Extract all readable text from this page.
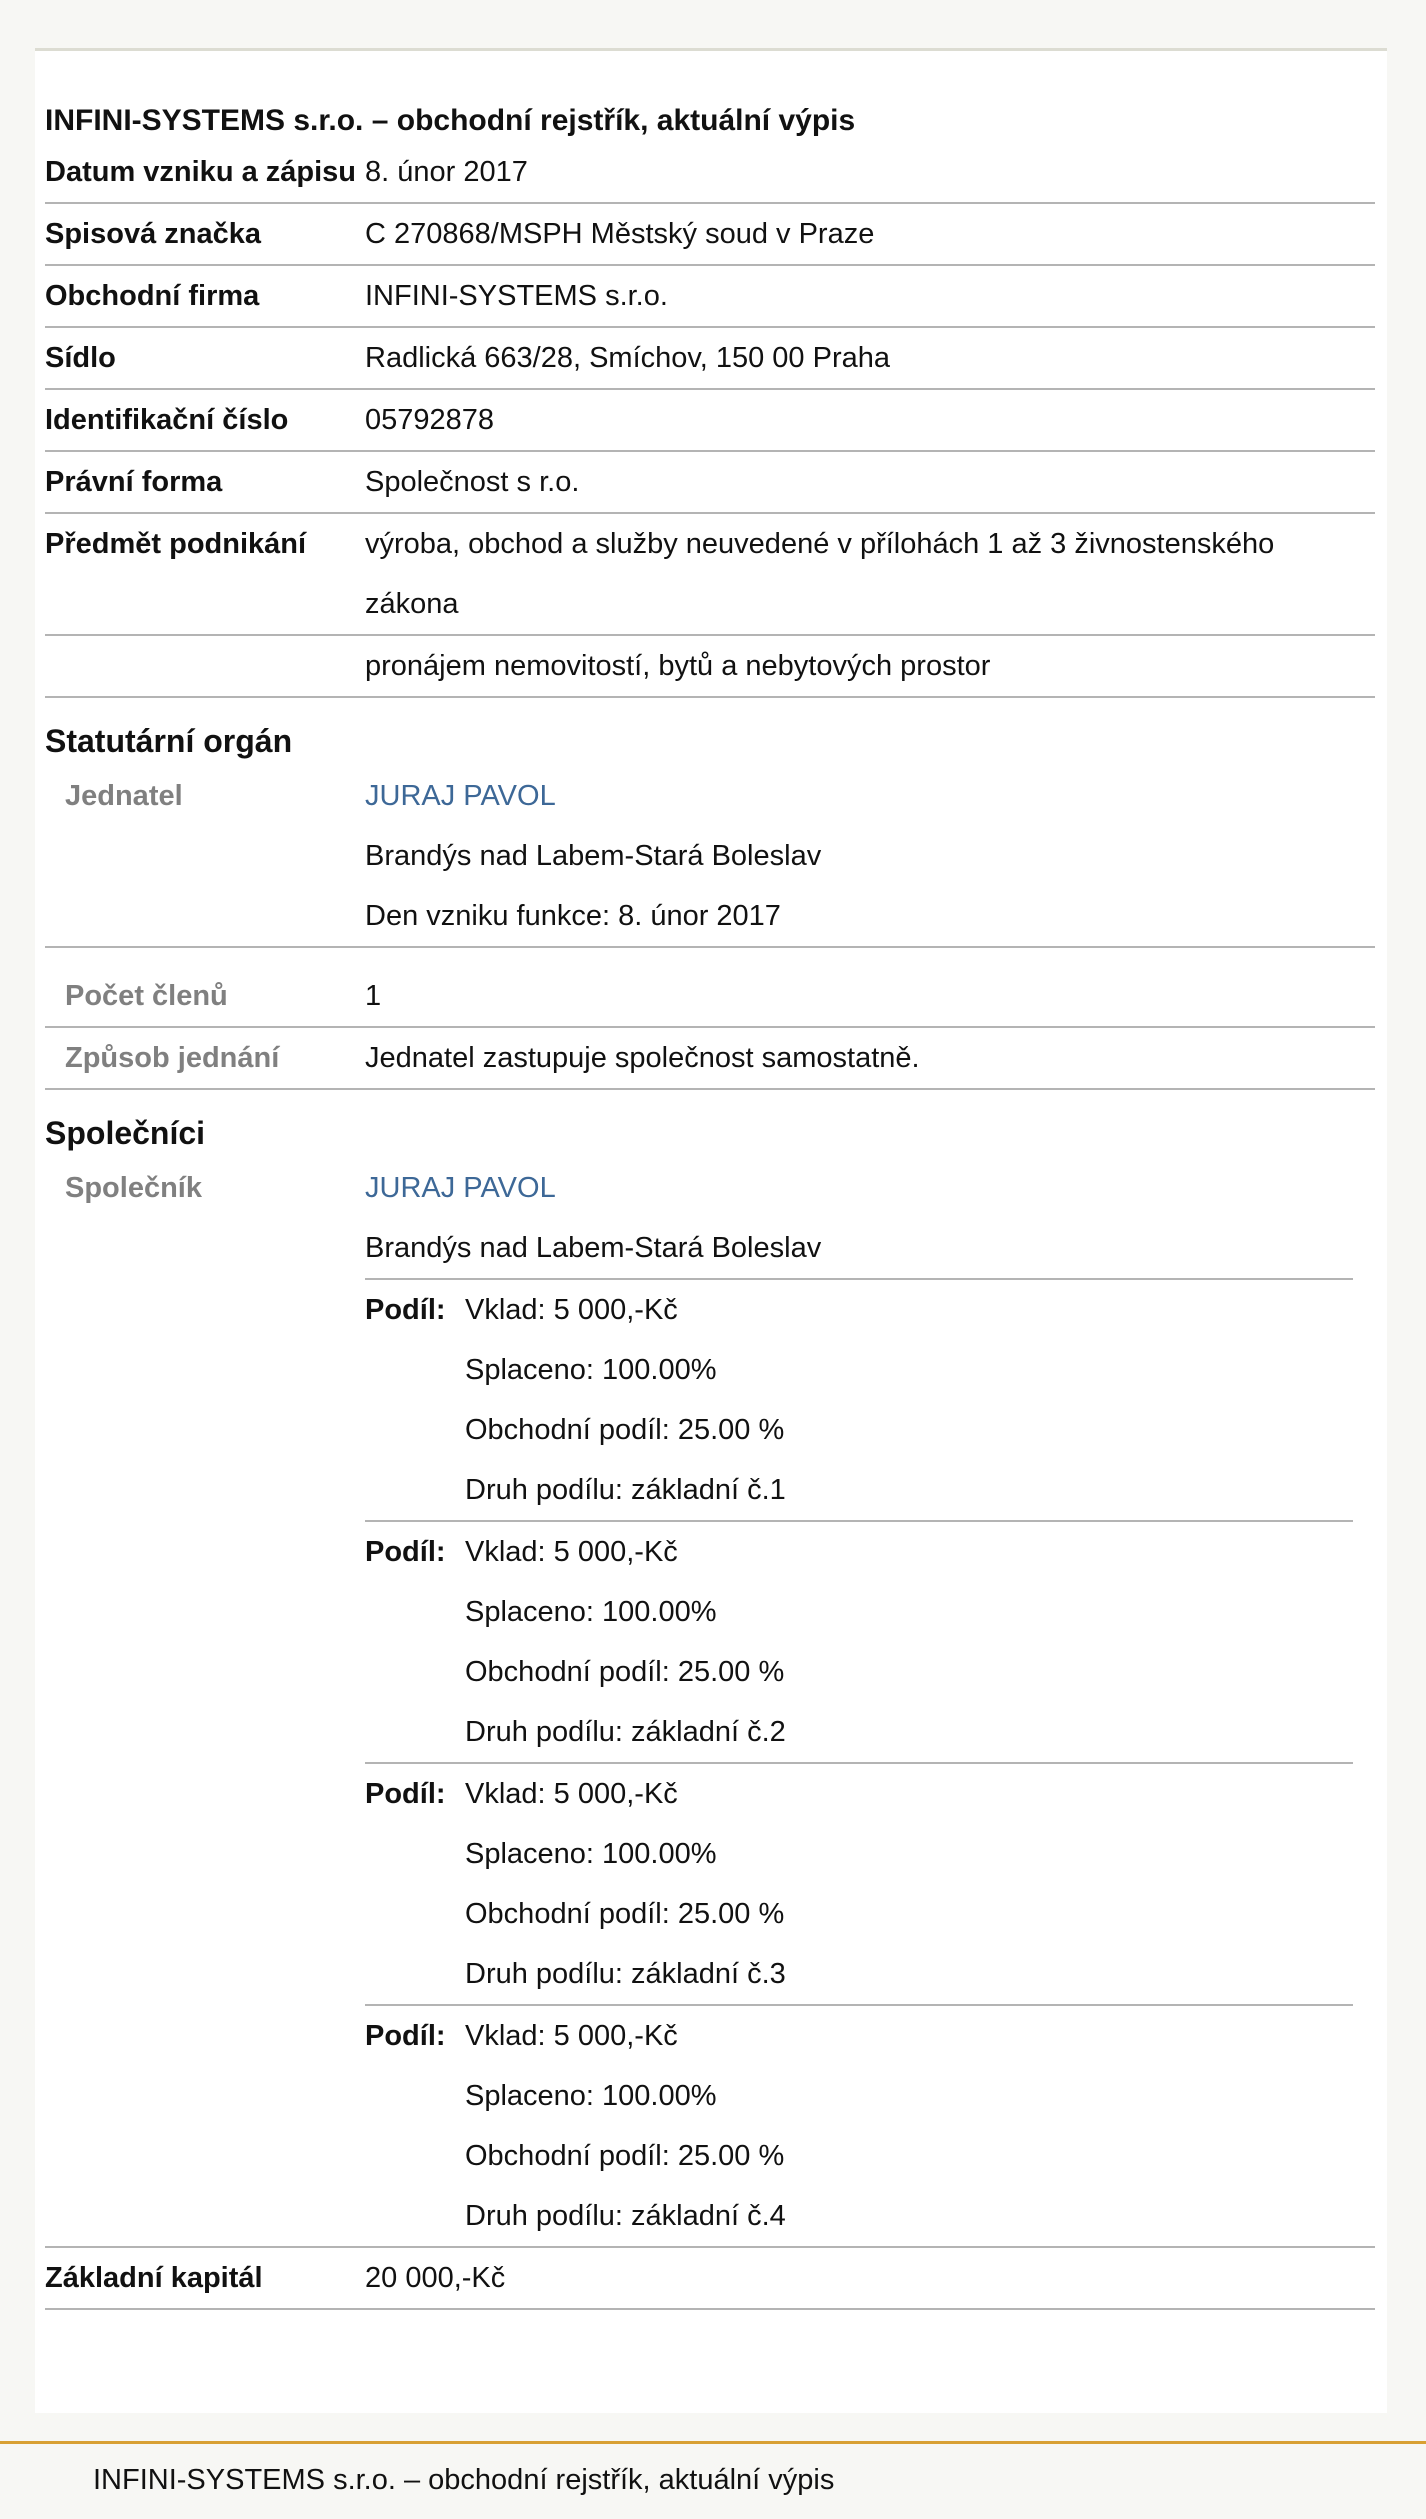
INFINI-SYSTEMS s.r.o. – obchodní rejstřík, aktuální výpis
Datum vzniku a zápisu 8. únor 2017
Spisová značka	C 270868/MSPH Městský soud v Praze
Obchodní firma	INFINI-SYSTEMS s.r.o.
Sídlo	Radlická 663/28, Smíchov, 150 00 Praha
Identifikační číslo	05792878
Právní forma	Společnost s r.o.
Předmět podnikání	výroba, obchod a služby neuvedené v přílohách 1 až 3 živnostenského zákona
pronájem nemovitostí, bytů a nebytových prostor
Statutární orgán
Jednatel	JURAJ PAVOL
Brandýs nad Labem-Stará Boleslav
Den vzniku funkce: 8. únor 2017
Počet členů	1
Způsob jednání	Jednatel zastupuje společnost samostatně.
Společníci
Společník	JURAJ PAVOL
Brandýs nad Labem-Stará Boleslav
Podíl: Vklad: 5 000,-Kč
Splaceno: 100.00%
Obchodní podíl: 25.00 %
Druh podílu: základní č.1
Podíl: Vklad: 5 000,-Kč
Splaceno: 100.00%
Obchodní podíl: 25.00 %
Druh podílu: základní č.2
Podíl: Vklad: 5 000,-Kč
Splaceno: 100.00%
Obchodní podíl: 25.00 %
Druh podílu: základní č.3
Podíl: Vklad: 5 000,-Kč
Splaceno: 100.00%
Obchodní podíl: 25.00 %
Druh podílu: základní č.4
Základní kapitál	20 000,-Kč
INFINI-SYSTEMS s.r.o. – obchodní rejstřík, aktuální výpis
